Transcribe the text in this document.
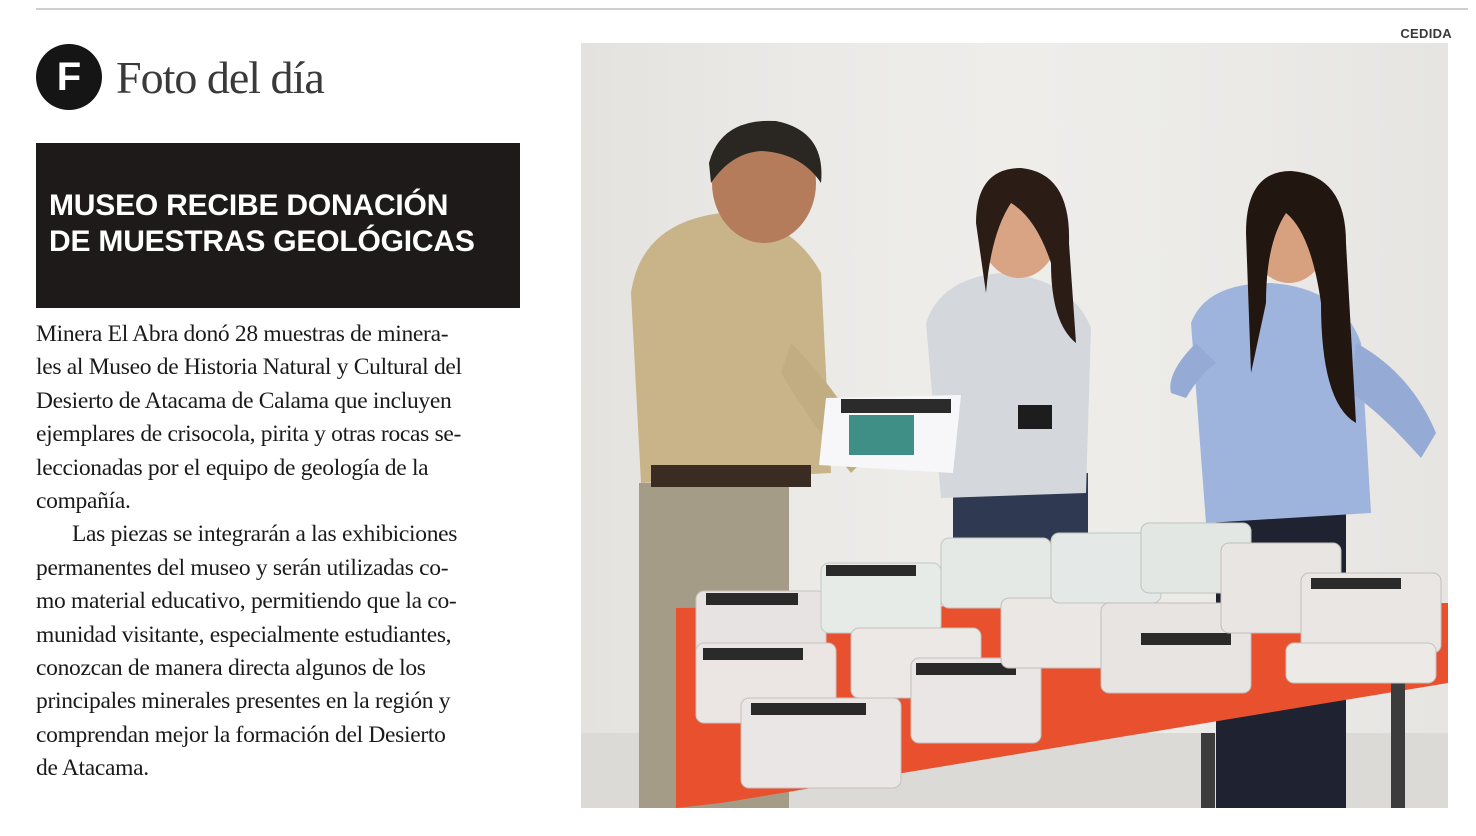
F Foto del día
MUSEO RECIBE DONACIÓN
DE MUESTRAS GEOLÓGICAS
Minera El Abra donó 28 muestras de minera-
les al Museo de Historia Natural y Cultural del
Desierto de Atacama de Calama que incluyen
ejemplares de crisocola, pirita y otras rocas se-
leccionadas por el equipo de geología de la
compañía.
Las piezas se integrarán a las exhibiciones
permanentes del museo y serán utilizadas co-
mo material educativo, permitiendo que la co-
munidad visitante, especialmente estudiantes,
conozcan de manera directa algunos de los
principales minerales presentes en la región y
comprendan mejor la formación del Desierto
de Atacama.
CEDIDA
